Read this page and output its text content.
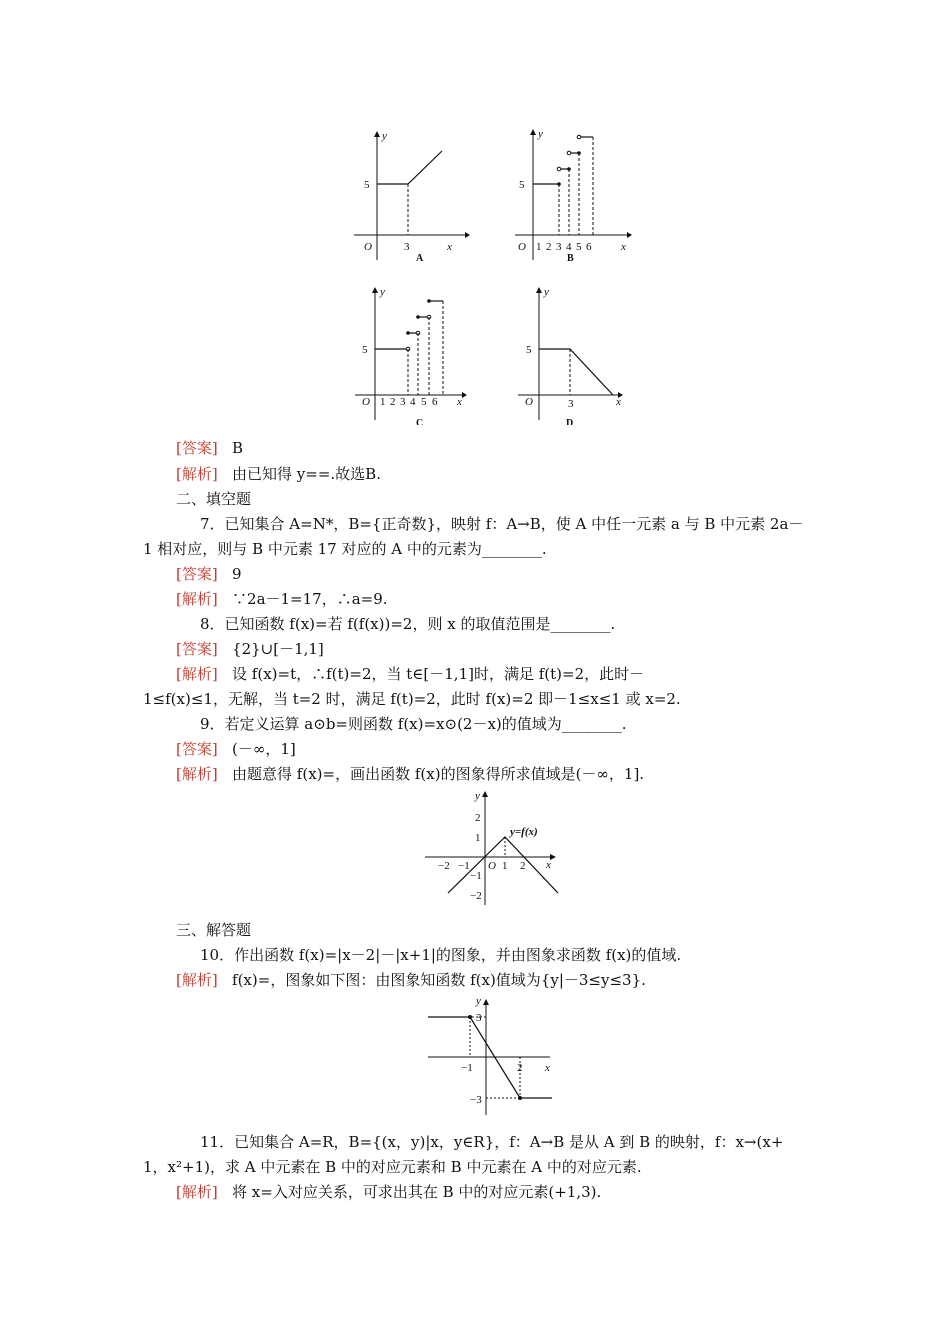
y
x
O
5
3
A
y
x
O
5
1 2 3 4 5 6
B
y
x
O
5
1 2 3 4 5 6
C
y
x
O
5
3
D
[答案] B
[解析] 由已知得 y==.故选B.
二、填空题
7．已知集合 A=N*，B={正奇数}，映射 f：A→B，使 A 中任一元素 a 与 B 中元素 2a－
1 相对应，则与 B 中元素 17 对应的 A 中的元素为________.
[答案] 9
[解析] ∵2a－1=17，∴a=9.
8．已知函数 f(x)=若 f(f(x))=2，则 x 的取值范围是________.
[答案] {2}∪[－1,1]
[解析] 设 f(x)=t，∴f(t)=2，当 t∈[－1,1]时，满足 f(t)=2，此时－
1≤f(x)≤1，无解，当 t=2 时，满足 f(t)=2，此时 f(x)=2 即－1≤x≤1 或 x=2.
9．若定义运算 a⊙b=则函数 f(x)=x⊙(2－x)的值域为________.
[答案] (－∞，1]
[解析] 由题意得 f(x)=，画出函数 f(x)的图象得所求值域是(－∞，1].
y
x
O
2
1
−1
−2
−2 −1	1 2
y=f(x)
三、解答题
10．作出函数 f(x)=|x－2|－|x+1|的图象，并由图象求函数 f(x)的值域.
[解析] f(x)=，图象如下图：由图象知函数 f(x)值域为{y|－3≤y≤3}.
y
x
3
−3
−1	2
11．已知集合 A=R，B={(x，y)|x，y∈R}，f：A→B 是从 A 到 B 的映射，f：x→(x+
1，x²+1)，求 A 中元素在 B 中的对应元素和 B 中元素在 A 中的对应元素.
[解析] 将 x=入对应关系，可求出其在 B 中的对应元素(+1,3).
